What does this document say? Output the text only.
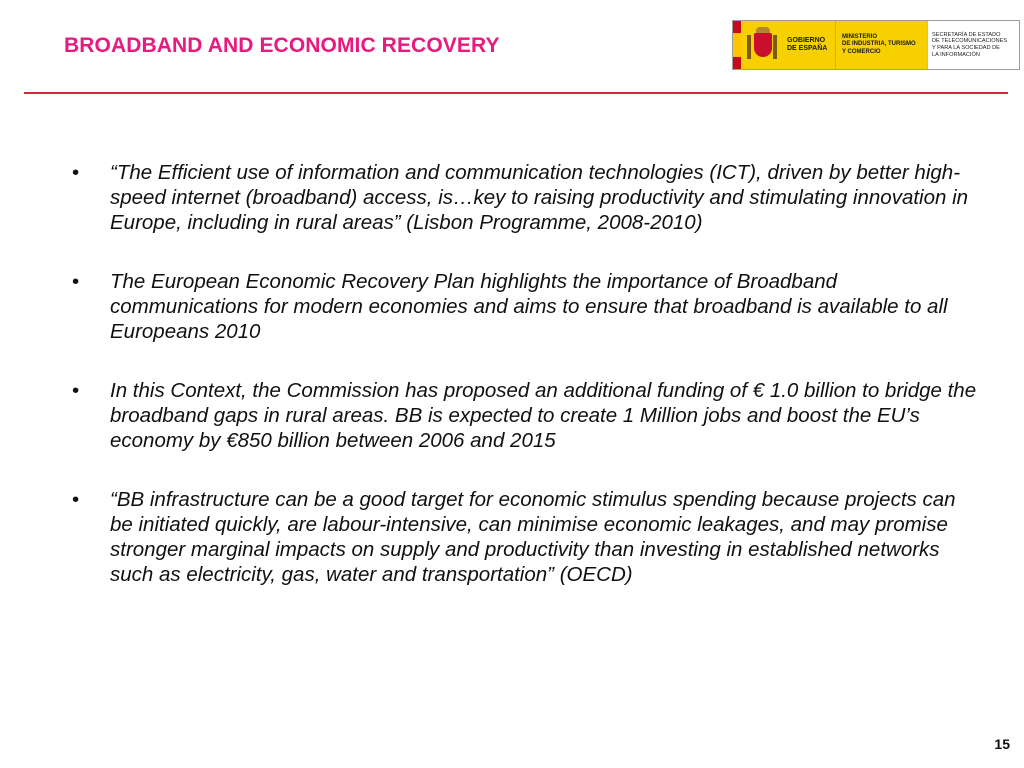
BROADBAND AND ECONOMIC RECOVERY	GOBIERNO
DE ESPAÑA
MINISTERIO
DE INDUSTRIA, TURISMO
Y COMERCIO
SECRETARÍA DE ESTADO
DE TELECOMUNICACIONES
Y PARA LA SOCIEDAD DE
LA INFORMACIÓN
• “The Efficient use of information and communication technologies (ICT), driven by better high-speed internet (broadband) access, is…key to raising productivity and stimulating innovation in Europe, including in rural areas” (Lisbon Programme, 2008-2010)
• The European Economic Recovery Plan highlights the importance of Broadband communications for modern economies and aims to ensure that broadband is available to all Europeans 2010
• In this Context, the Commission has proposed an additional funding of € 1.0 billion to bridge the broadband gaps in rural areas. BB is expected to create 1 Million jobs and boost the EU’s economy by €850 billion between 2006 and 2015
• “BB infrastructure can be a good target for economic stimulus spending because projects can be initiated quickly, are labour-intensive, can minimise economic leakages, and may promise stronger marginal impacts on supply and productivity than investing in established networks such as electricity, gas, water and transportation” (OECD)
15
